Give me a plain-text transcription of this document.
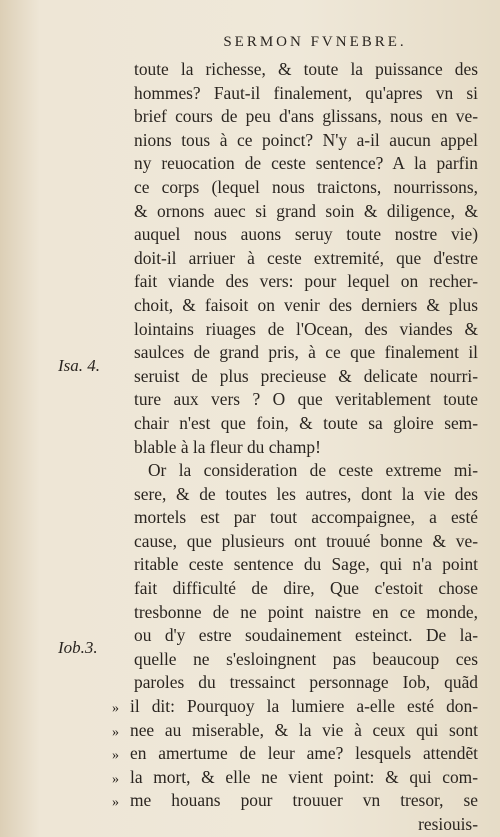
SERMON FVNEBRE.
Isa. 4.
Iob.3.
toute la richesse, & toute la puissance des
hommes? Faut-il finalement, qu'apres vn si
brief cours de peu d'ans glissans, nous en ve-
nions tous à ce poinct? N'y a-il aucun appel
ny reuocation de ceste sentence? A la parfin
ce corps (lequel nous traictons, nourrissons,
& ornons auec si grand soin & diligence, &
auquel nous auons seruy toute nostre vie)
doit-il arriuer à ceste extremité, que d'estre
fait viande des vers: pour lequel on recher-
choit, & faisoit on venir des derniers & plus
lointains riuages de l'Ocean, des viandes &
saulces de grand pris, à ce que finalement il
seruist de plus precieuse & delicate nourri-
ture aux vers ? O que veritablement toute
chair n'est que foin, & toute sa gloire sem-
blable à la fleur du champ!
Or la consideration de ceste extreme mi-
sere, & de toutes les autres, dont la vie des
mortels est par tout accompaignee, a esté
cause, que plusieurs ont trouué bonne & ve-
ritable ceste sentence du Sage, qui n'a point
fait difficulté de dire, Que c'estoit chose
tresbonne de ne point naistre en ce monde,
ou d'y estre soudainement esteinct. De la-
quelle ne s'esloingnent pas beaucoup ces
paroles du tressainct personnage Iob, quãd
» il dit: Pourquoy la lumiere a-elle esté don-
» nee au miserable, & la vie à ceux qui sont
» en amertume de leur ame? lesquels attendẽt
» la mort, & elle ne vient point: & qui com-
» me houans pour trouuer vn tresor, se
resiouis-
